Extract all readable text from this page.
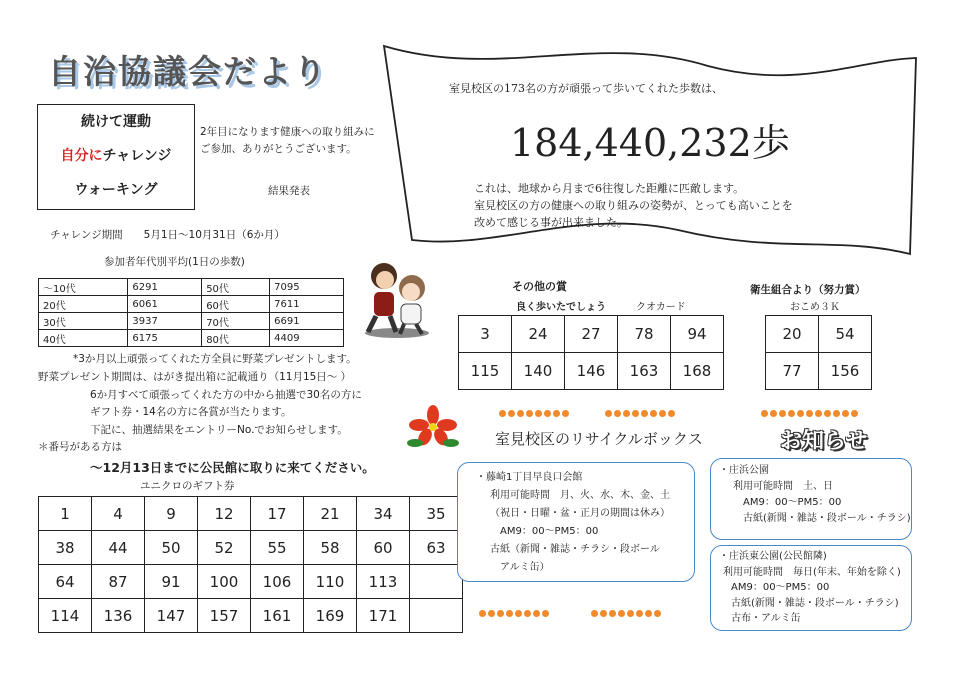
自治協議会だより
続けて運動
自分にチャレンジ
ウォーキング
2年目になります健康への取り組みに
ご参加、ありがとうございます。
結果発表
チャレンジ期間　　5月1日～10月31日（6か月）
参加者年代別平均(1日の歩数)
～10代	6291	50代	7095
20代	6061	60代	7611
30代	3937	70代	6691
40代	6175	80代	4409
*3か月以上頑張ってくれた方全員に野菜プレゼントします。
野菜プレゼント期間は、はがき提出箱に記載通り（11月15日～ ）
6か月すべて頑張ってくれた方の中から抽選で30名の方に
ギフト券・14名の方に各賞が当たります。
下記に、抽選結果をエントリーNo.でお知らせします。
＊番号がある方は
～12月13日までに公民館に取りに来てください。
ユニクロのギフト券
1	4	9	12	17	21	34	35
38	44	50	52	55	58	60	63
64	87	91	100	106	110	113	
114	136	147	157	161	169	171	
室見校区の173名の方が頑張って歩いてくれた歩数は、
184,440,232歩
これは、地球から月まで6往復した距離に匹敵します。
室見校区の方の健康への取り組みの姿勢が、とっても高いことを
改めて感じる事が出来ました。
その他の賞
良く歩いたでしょう	クオカード
3	24	27	78	94
115	140	146	163	168
衛生組合より（努力賞）
おこめ３Ｋ
20	54
77	156
室見校区のリサイクルボックス
・藤崎1丁目早良口会館
利用可能時間　月、火、水、木、金、土
（祝日・日曜・盆・正月の期間は休み）
AM9：00～PM5：00
古紙（新聞・雑誌・チラシ・段ボール
アルミ缶）
お知らせ
・庄浜公園
利用可能時間　土、日
AM9：00～PM5：00
古紙(新聞・雑誌・段ボール・チラシ)
・庄浜東公園(公民館隣)
利用可能時間　毎日(年末、年始を除く)
AM9：00～PM5：00
古紙(新聞・雑誌・段ボール・チラシ)
古布・アルミ缶
